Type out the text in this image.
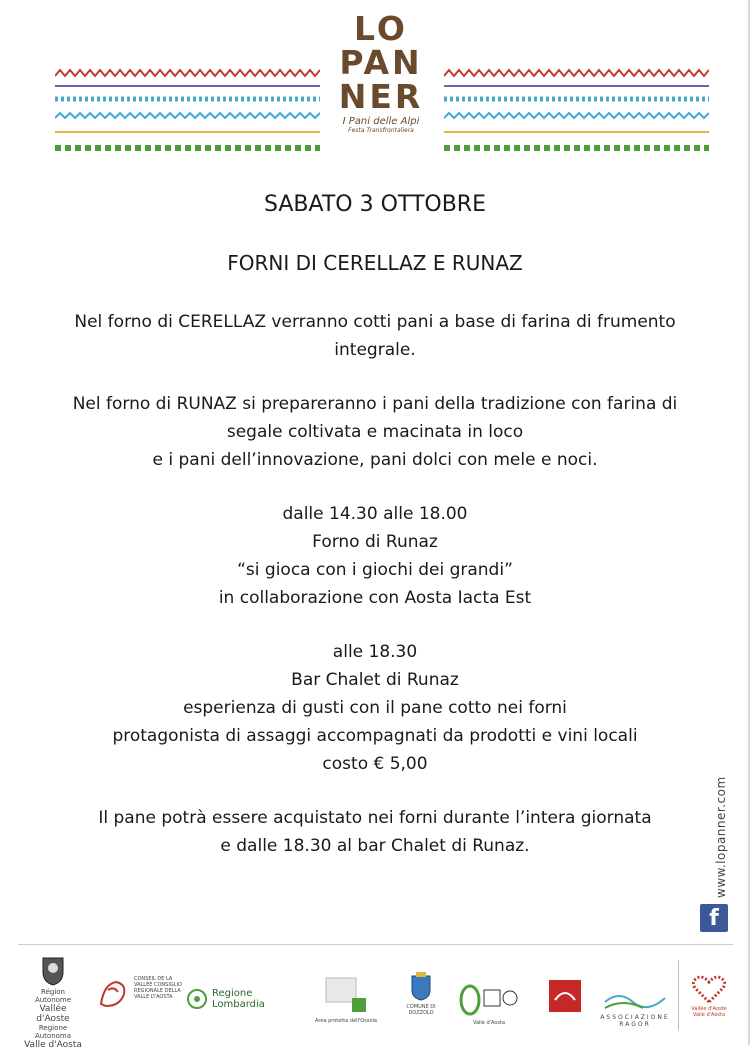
LO
PAN
NER
I Pani delle Alpi
Festa Transfrontaliera
SABATO 3 OTTOBRE
FORNI DI CERELLAZ E RUNAZ
Nel forno di CERELLAZ verranno cotti pani a base di farina di frumento
integrale.
Nel forno di RUNAZ si prepareranno i pani della tradizione con farina di
segale coltivata e macinata in loco
e i pani dell’innovazione, pani dolci con mele e noci.
dalle 14.30 alle 18.00
Forno di Runaz
“si gioca con i giochi dei grandi”
in collaborazione con Aosta Iacta Est
alle 18.30
Bar Chalet di Runaz
esperienza di gusti con il pane cotto nei forni
protagonista di assaggi accompagnati da prodotti e vini locali
costo € 5,00
Il pane potrà essere acquistato nei forni durante l’intera giornata
e dalle 18.30 al bar Chalet di Runaz.	www.lopanner.com
f
Région Autonome
Vallée d'Aoste
Regione Autonoma
Valle d'Aosta
CONSEIL DE LA VALLÉE CONSIGLIO REGIONALE DELLA VALLE D'AOSTA	Regione
Lombardia
Area protetta dell'Ossola
COMUNE DI DOZZOLO
Valle d'Aosta
ASSOCIAZIONE RAGOR
Vallée d'Aoste
Valle d'Aosta
